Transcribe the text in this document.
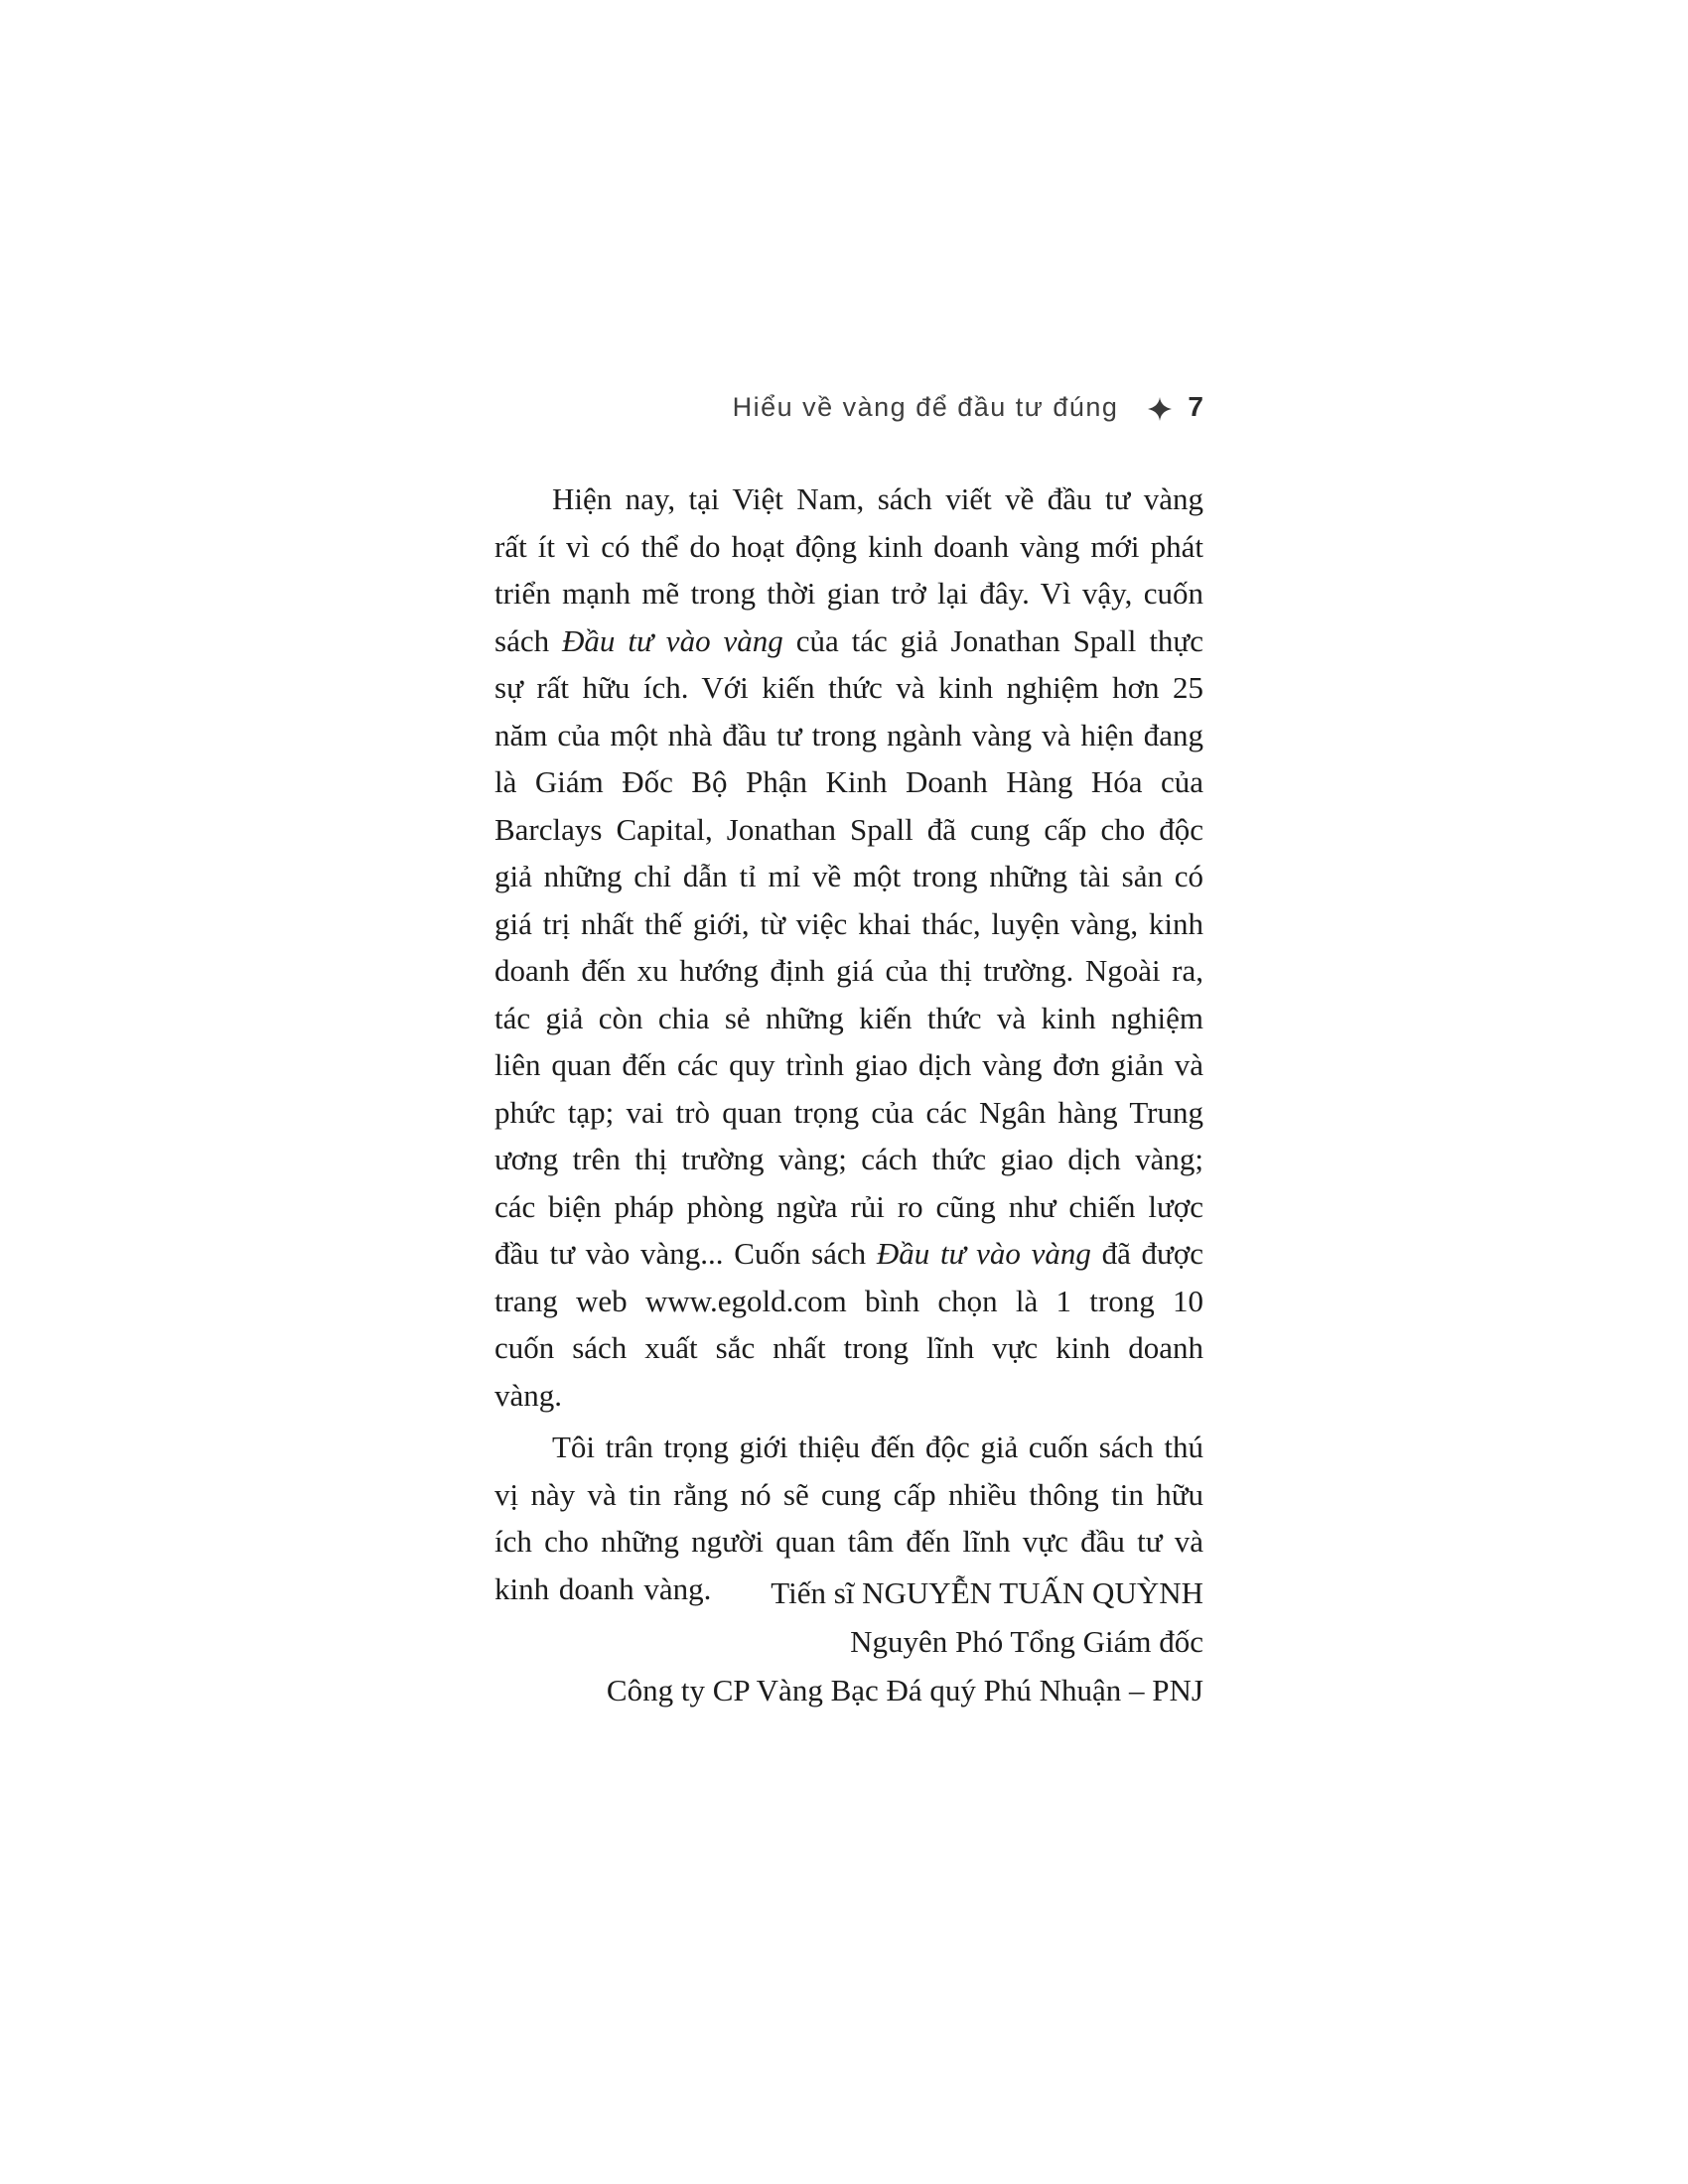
Hiểu về vàng để đầu tư đúng	7

Hiện nay, tại Việt Nam, sách viết về đầu tư vàng rất ít vì có thể do hoạt động kinh doanh vàng mới phát triển mạnh mẽ trong thời gian trở lại đây. Vì vậy, cuốn sách Đầu tư vào vàng của tác giả Jonathan Spall thực sự rất hữu ích. Với kiến thức và kinh nghiệm hơn 25 năm của một nhà đầu tư trong ngành vàng và hiện đang là Giám Đốc Bộ Phận Kinh Doanh Hàng Hóa của Barclays Capital, Jonathan Spall đã cung cấp cho độc giả những chỉ dẫn tỉ mỉ về một trong những tài sản có giá trị nhất thế giới, từ việc khai thác, luyện vàng, kinh doanh đến xu hướng định giá của thị trường. Ngoài ra, tác giả còn chia sẻ những kiến thức và kinh nghiệm liên quan đến các quy trình giao dịch vàng đơn giản và phức tạp; vai trò quan trọng của các Ngân hàng Trung ương trên thị trường vàng; cách thức giao dịch vàng; các biện pháp phòng ngừa rủi ro cũng như chiến lược đầu tư vào vàng... Cuốn sách Đầu tư vào vàng đã được trang web www.egold.com bình chọn là 1 trong 10 cuốn sách xuất sắc nhất trong lĩnh vực kinh doanh vàng.

Tôi trân trọng giới thiệu đến độc giả cuốn sách thú vị này và tin rằng nó sẽ cung cấp nhiều thông tin hữu ích cho những người quan tâm đến lĩnh vực đầu tư và kinh doanh vàng.	Tiến sĩ NGUYỄN TUẤN QUỲNH
Nguyên Phó Tổng Giám đốc
Công ty CP Vàng Bạc Đá quý Phú Nhuận – PNJ
